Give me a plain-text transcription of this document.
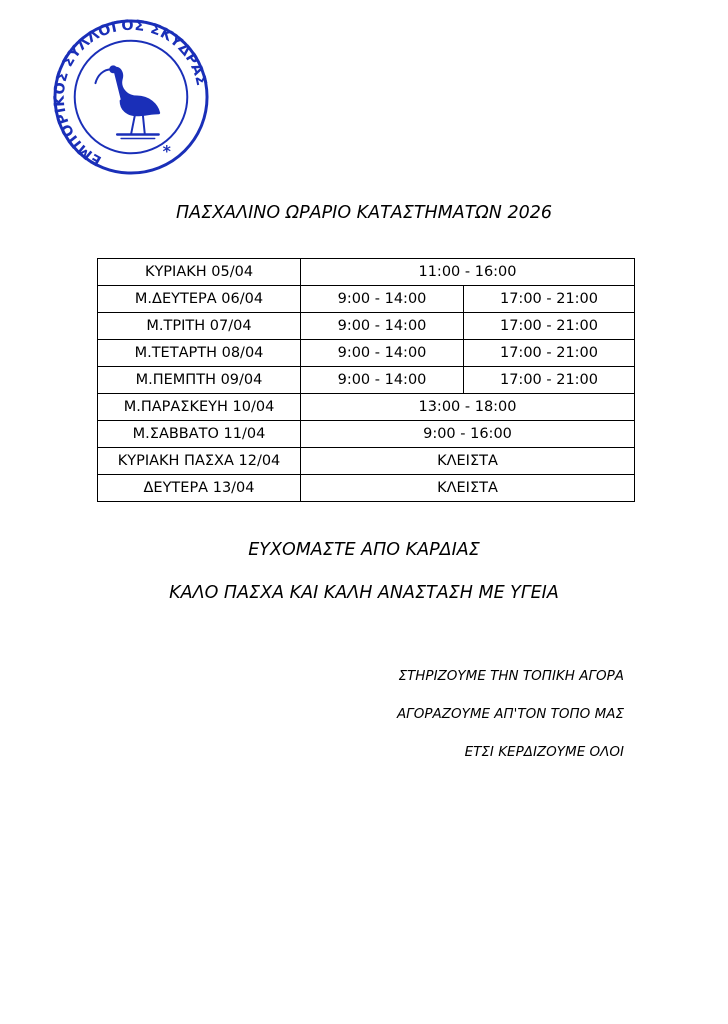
ΕΜΠΟΡΙΚΟΣ ΣΥΛΛΟΓΟΣ ΣΚΥΔΡΑΣ
*
ΠΑΣΧΑΛΙΝΟ ΩΡΑΡΙΟ ΚΑΤΑΣΤΗΜΑΤΩΝ 2026
ΚΥΡΙΑΚΗ 05/04	11:00 - 16:00	
Μ.ΔΕΥΤΕΡΑ 06/04	9:00 - 14:00	17:00 - 21:00
Μ.ΤΡΙΤΗ 07/04	9:00 - 14:00	17:00 - 21:00
Μ.ΤΕΤΑΡΤΗ 08/04	9:00 - 14:00	17:00 - 21:00
Μ.ΠΕΜΠΤΗ 09/04	9:00 - 14:00	17:00 - 21:00
Μ.ΠΑΡΑΣΚΕΥΗ 10/04	13:00 - 18:00	
Μ.ΣΑΒΒΑΤΟ 11/04	9:00 - 16:00	
ΚΥΡΙΑΚΗ ΠΑΣΧΑ 12/04	ΚΛΕΙΣΤΑ	
ΔΕΥΤΕΡΑ 13/04	ΚΛΕΙΣΤΑ	
ΕΥΧΟΜΑΣΤΕ ΑΠΟ ΚΑΡΔΙΑΣ
ΚΑΛΟ ΠΑΣΧΑ ΚΑΙ ΚΑΛΗ ΑΝΑΣΤΑΣΗ ΜΕ ΥΓΕΙΑ
ΣΤΗΡΙΖΟΥΜΕ ΤΗΝ ΤΟΠΙΚΗ ΑΓΟΡΑ
ΑΓΟΡΑΖΟΥΜΕ ΑΠ'ΤΟΝ ΤΟΠΟ ΜΑΣ
ΕΤΣΙ ΚΕΡΔΙΖΟΥΜΕ ΟΛΟΙ
